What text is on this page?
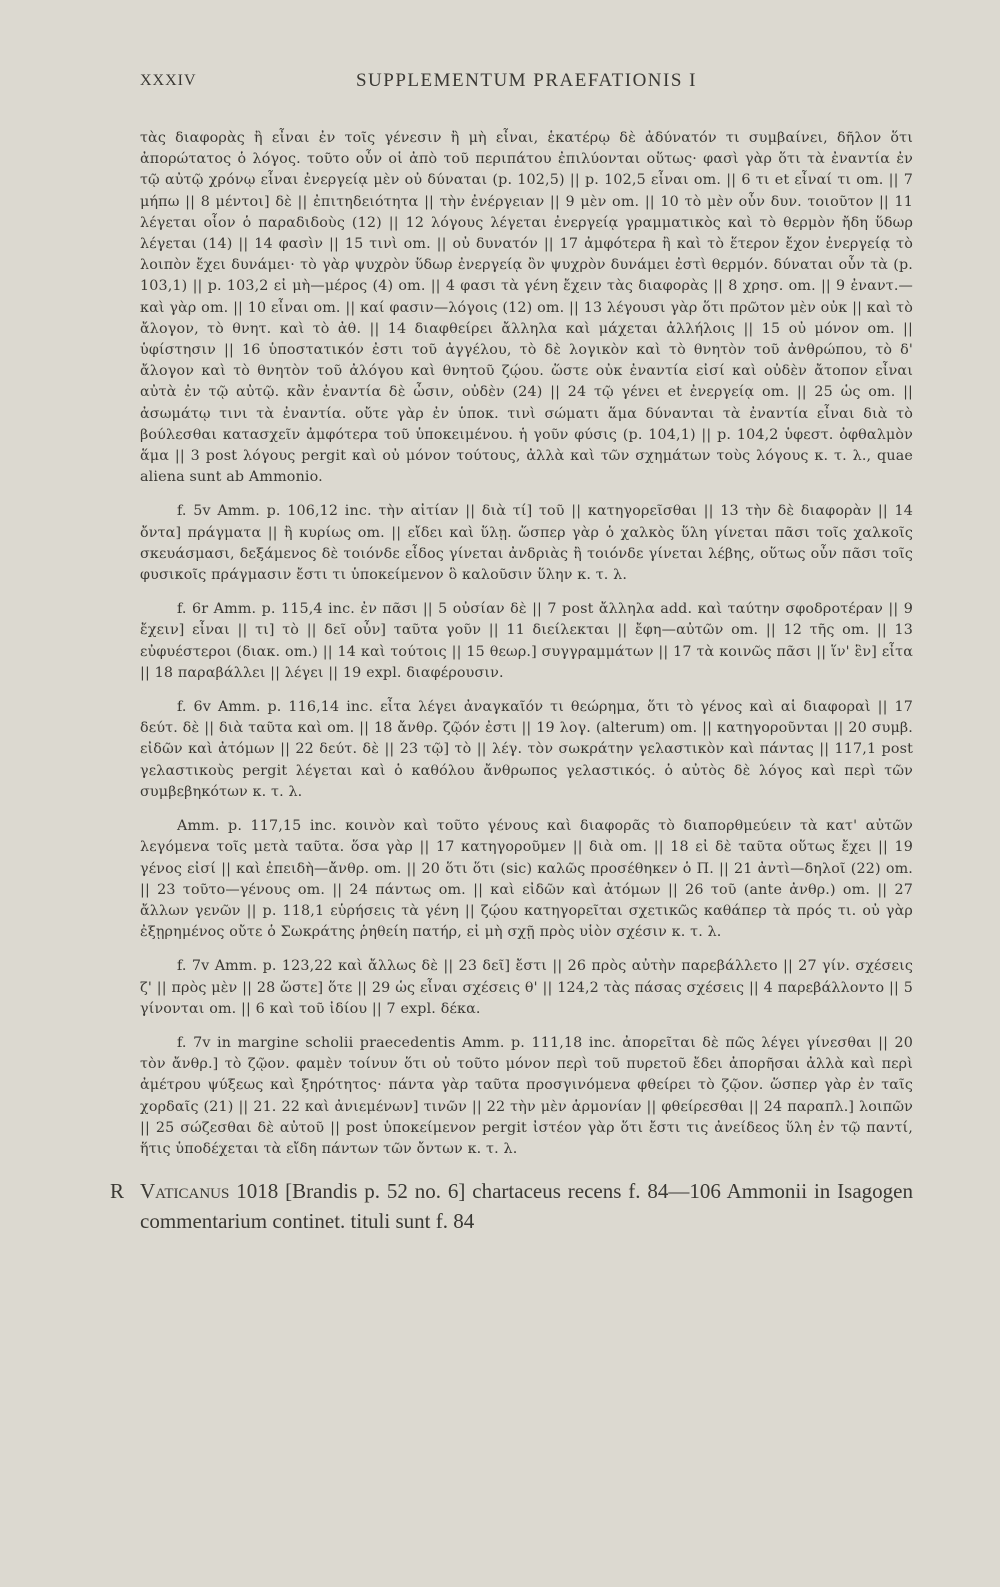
XXXIV	SUPPLEMENTUM PRAEFATIONIS I

τὰς διαφορὰς ἢ εἶναι ἐν τοῖς γένεσιν ἢ μὴ εἶναι, ἑκατέρῳ δὲ ἀδύνατόν τι συμβαίνει, δῆλον ὅτι ἀπορώτατος ὁ λόγος. τοῦτο οὖν οἱ ἀπὸ τοῦ περιπάτου ἐπιλύονται οὕτως· φασὶ γὰρ ὅτι τὰ ἐναντία ἐν τῷ αὐτῷ χρόνῳ εἶναι ἐνεργείᾳ μὲν οὐ δύναται (p. 102,5) || p. 102,5 εἶναι om. || 6 τι et εἶναί τι om. || 7 μήπω || 8 μέντοι] δὲ || ἐπιτηδειότητα || τὴν ἐνέργειαν || 9 μὲν om. || 10 τὸ μὲν οὖν δυν. τοιοῦτον || 11 λέγεται οἷον ὁ παραδιδοὺς (12) || 12 λόγους λέγεται ἐνεργείᾳ γραμματικὸς καὶ τὸ θερμὸν ἤδη ὕδωρ λέγεται (14) || 14 φασὶν || 15 τινὶ om. || οὐ δυνατόν || 17 ἀμφότερα ἢ καὶ τὸ ἕτερον ἔχον ἐνεργείᾳ τὸ λοιπὸν ἔχει δυνάμει· τὸ γὰρ ψυχρὸν ὕδωρ ἐνεργείᾳ ὂν ψυχρὸν δυνάμει ἐστὶ θερμόν. δύναται οὖν τὰ (p. 103,1) || p. 103,2 εἰ μὴ—μέρος (4) om. || 4 φασι τὰ γένη ἔχειν τὰς διαφορὰς || 8 χρησ. om. || 9 ἐναντ.—καὶ γὰρ om. || 10 εἶναι om. || καί φασιν—λόγοις (12) om. || 13 λέγουσι γὰρ ὅτι πρῶτον μὲν οὐκ || καὶ τὸ ἄλογον, τὸ θνητ. καὶ τὸ ἀθ. || 14 διαφθείρει ἄλληλα καὶ μάχεται ἀλλήλοις || 15 οὐ μόνον om. || ὑφίστησιν || 16 ὑποστατικόν ἐστι τοῦ ἀγγέλου, τὸ δὲ λογικὸν καὶ τὸ θνητὸν τοῦ ἀνθρώπου, τὸ δ' ἄλογον καὶ τὸ θνητὸν τοῦ ἀλόγου καὶ θνητοῦ ζῴου. ὥστε οὐκ ἐναντία εἰσί καὶ οὐδὲν ἄτοπον εἶναι αὐτὰ ἐν τῷ αὐτῷ. κἂν ἐναντία δὲ ὦσιν, οὐδὲν (24) || 24 τῷ γένει et ἐνεργείᾳ om. || 25 ὡς om. || ἀσωμάτῳ τινι τὰ ἐναντία. οὔτε γὰρ ἐν ὑποκ. τινὶ σώματι ἅμα δύνανται τὰ ἐναντία εἶναι διὰ τὸ βούλεσθαι κατασχεῖν ἀμφότερα τοῦ ὑποκειμένου. ἡ γοῦν φύσις (p. 104,1) || p. 104,2 ὑφεστ. ὀφθαλμὸν ἅμα || 3 post λόγους pergit καὶ οὐ μόνον τούτους, ἀλλὰ καὶ τῶν σχημάτων τοὺς λόγους κ. τ. λ., quae aliena sunt ab Ammonio.

f. 5v Amm. p. 106,12 inc. τὴν αἰτίαν || διὰ τί] τοῦ || κατηγορεῖσθαι || 13 τὴν δὲ διαφορὰν || 14 ὄντα] πράγματα || ἢ κυρίως om. || εἴδει καὶ ὕλῃ. ὥσπερ γὰρ ὁ χαλκὸς ὕλη γίνεται πᾶσι τοῖς χαλκοῖς σκευάσμασι, δεξάμενος δὲ τοιόνδε εἶδος γίνεται ἀνδριὰς ἢ τοιόνδε γίνεται λέβης, οὕτως οὖν πᾶσι τοῖς φυσικοῖς πράγμασιν ἔστι τι ὑποκείμενον ὃ καλοῦσιν ὕλην κ. τ. λ.

f. 6r Amm. p. 115,4 inc. ἐν πᾶσι || 5 οὐσίαν δὲ || 7 post ἄλληλα add. καὶ ταύτην σφοδροτέραν || 9 ἔχειν] εἶναι || τι] τὸ || δεῖ οὖν] ταῦτα γοῦν || 11 διείλεκται || ἔφη—αὐτῶν om. || 12 τῆς om. || 13 εὐφυέστεροι (διακ. om.) || 14 καὶ τούτοις || 15 θεωρ.] συγγραμμάτων || 17 τὰ κοινῶς πᾶσι || ἵν' ἓν] εἶτα || 18 παραβάλλει || λέγει || 19 expl. διαφέρουσιν.

f. 6v Amm. p. 116,14 inc. εἶτα λέγει ἀναγκαῖόν τι θεώρημα, ὅτι τὸ γένος καὶ αἱ διαφοραὶ || 17 δεύτ. δὲ || διὰ ταῦτα καὶ om. || 18 ἄνθρ. ζῷόν ἐστι || 19 λογ. (alterum) om. || κατηγοροῦνται || 20 συμβ. εἰδῶν καὶ ἀτόμων || 22 δεύτ. δὲ || 23 τῷ] τὸ || λέγ. τὸν σωκράτην γελαστικὸν καὶ πάντας || 117,1 post γελαστικοὺς pergit λέγεται καὶ ὁ καθόλου ἄνθρωπος γελαστικός. ὁ αὐτὸς δὲ λόγος καὶ περὶ τῶν συμβεβηκότων κ. τ. λ.

Amm. p. 117,15 inc. κοινὸν καὶ τοῦτο γένους καὶ διαφορᾶς τὸ διαπορθμεύειν τὰ κατ' αὐτῶν λεγόμενα τοῖς μετὰ ταῦτα. ὅσα γὰρ || 17 κατηγοροῦμεν || διὰ om. || 18 εἰ δὲ ταῦτα οὕτως ἔχει || 19 γένος εἰσί || καὶ ἐπειδὴ—ἄνθρ. om. || 20 ὅτι ὅτι (sic) καλῶς προσέθηκεν ὁ Π. || 21 ἀντὶ—δηλοῖ (22) om. || 23 τοῦτο—γένους om. || 24 πάντως om. || καὶ εἰδῶν καὶ ἀτόμων || 26 τοῦ (ante ἀνθρ.) om. || 27 ἄλλων γενῶν || p. 118,1 εὑρήσεις τὰ γένη || ζῴου κατηγορεῖται σχετικῶς καθάπερ τὰ πρός τι. οὐ γὰρ ἐξῃρημένος οὔτε ὁ Σωκράτης ῥηθείη πατήρ, εἰ μὴ σχῇ πρὸς υἱὸν σχέσιν κ. τ. λ.

f. 7v Amm. p. 123,22 καὶ ἄλλως δὲ || 23 δεῖ] ἔστι || 26 πρὸς αὐτὴν παρεβάλλετο || 27 γίν. σχέσεις ζ' || πρὸς μὲν || 28 ὥστε] ὅτε || 29 ὡς εἶναι σχέσεις θ' || 124,2 τὰς πάσας σχέσεις || 4 παρεβάλλοντο || 5 γίνονται om. || 6 καὶ τοῦ ἰδίου || 7 expl. δέκα.

f. 7v in margine scholii praecedentis Amm. p. 111,18 inc. ἀπορεῖται δὲ πῶς λέγει γίνεσθαι || 20 τὸν ἄνθρ.] τὸ ζῷον. φαμὲν τοίνυν ὅτι οὐ τοῦτο μόνον περὶ τοῦ πυρετοῦ ἔδει ἀπορῆσαι ἀλλὰ καὶ περὶ ἀμέτρου ψύξεως καὶ ξηρότητος· πάντα γὰρ ταῦτα προσγινόμενα φθείρει τὸ ζῷον. ὥσπερ γὰρ ἐν ταῖς χορδαῖς (21) || 21. 22 καὶ ἀνιεμένων] τινῶν || 22 τὴν μὲν ἁρμονίαν || φθείρεσθαι || 24 παραπλ.] λοιπῶν || 25 σώζεσθαι δὲ αὐτοῦ || post ὑποκείμενον pergit ἰστέον γὰρ ὅτι ἔστι τις ἀνείδεος ὕλη ἐν τῷ παντί, ἥτις ὑποδέχεται τὰ εἴδη πάντων τῶν ὄντων κ. τ. λ.

R Vaticanus 1018 [Brandis p. 52 no. 6] chartaceus recens f. 84—106 Ammonii in Isagogen commentarium continet. tituli sunt f. 84
